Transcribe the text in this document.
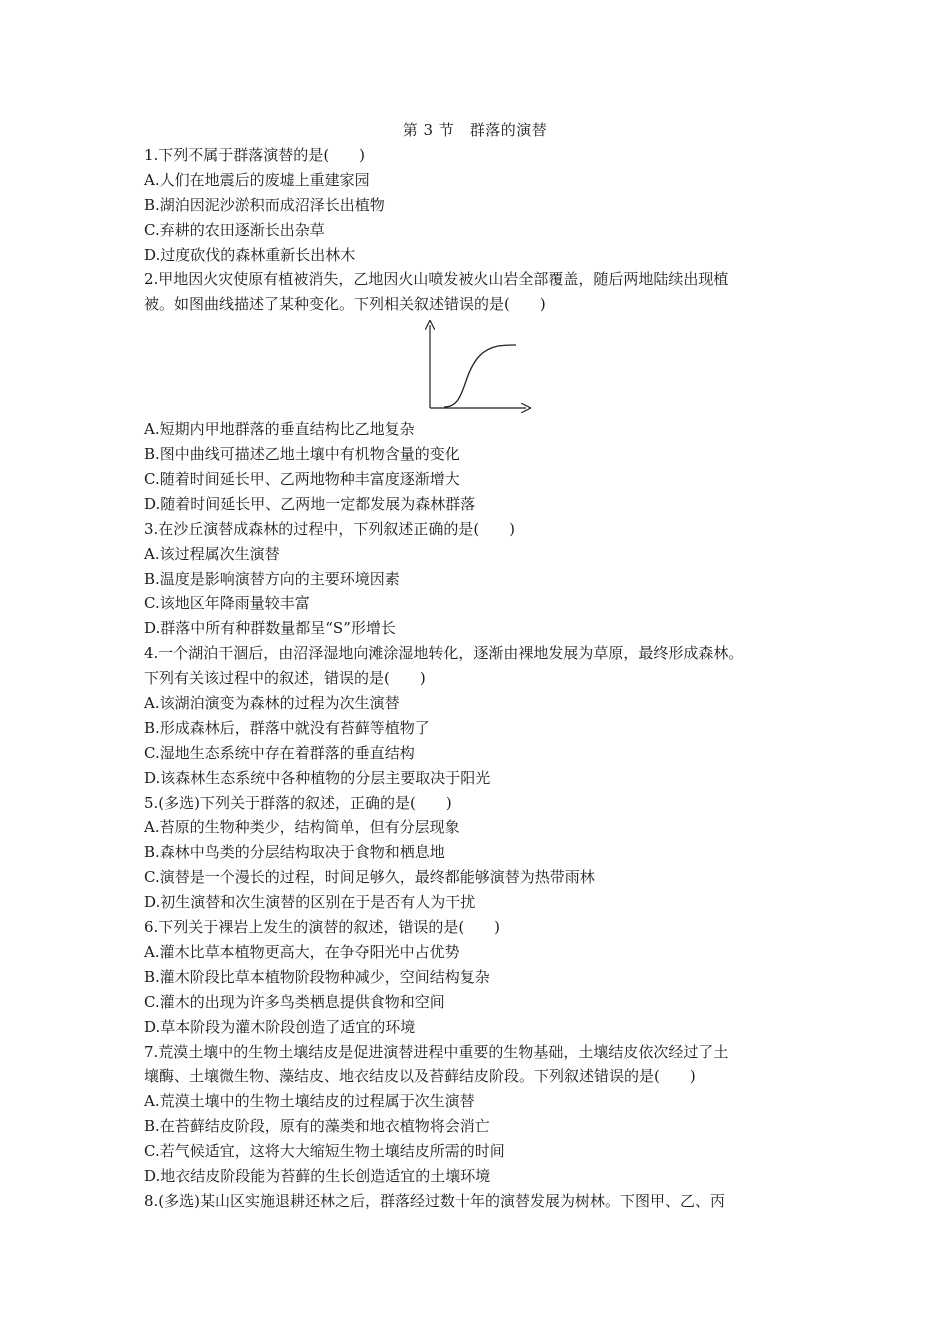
第 3 节　群落的演替
1.下列不属于群落演替的是(　　)
A.人们在地震后的废墟上重建家园
B.湖泊因泥沙淤积而成沼泽长出植物
C.弃耕的农田逐渐长出杂草
D.过度砍伐的森林重新长出林木
2.甲地因火灾使原有植被消失，乙地因火山喷发被火山岩全部覆盖，随后两地陆续出现植
被。如图曲线描述了某种变化。下列相关叙述错误的是(　　)
A.短期内甲地群落的垂直结构比乙地复杂
B.图中曲线可描述乙地土壤中有机物含量的变化
C.随着时间延长甲、乙两地物种丰富度逐渐增大
D.随着时间延长甲、乙两地一定都发展为森林群落
3.在沙丘演替成森林的过程中，下列叙述正确的是(　　)
A.该过程属次生演替
B.温度是影响演替方向的主要环境因素
C.该地区年降雨量较丰富
D.群落中所有种群数量都呈“S”形增长
4.一个湖泊干涸后，由沼泽湿地向滩涂湿地转化，逐渐由裸地发展为草原，最终形成森林。
下列有关该过程中的叙述，错误的是(　　)
A.该湖泊演变为森林的过程为次生演替
B.形成森林后，群落中就没有苔藓等植物了
C.湿地生态系统中存在着群落的垂直结构
D.该森林生态系统中各种植物的分层主要取决于阳光
5.(多选)下列关于群落的叙述，正确的是(　　)
A.苔原的生物种类少，结构简单，但有分层现象
B.森林中鸟类的分层结构取决于食物和栖息地
C.演替是一个漫长的过程，时间足够久，最终都能够演替为热带雨林
D.初生演替和次生演替的区别在于是否有人为干扰
6.下列关于裸岩上发生的演替的叙述，错误的是(　　)
A.灌木比草本植物更高大，在争夺阳光中占优势
B.灌木阶段比草本植物阶段物种减少，空间结构复杂
C.灌木的出现为许多鸟类栖息提供食物和空间
D.草本阶段为灌木阶段创造了适宜的环境
7.荒漠土壤中的生物土壤结皮是促进演替进程中重要的生物基础，土壤结皮依次经过了土
壤酶、土壤微生物、藻结皮、地衣结皮以及苔藓结皮阶段。下列叙述错误的是(　　)
A.荒漠土壤中的生物土壤结皮的过程属于次生演替
B.在苔藓结皮阶段，原有的藻类和地衣植物将会消亡
C.若气候适宜，这将大大缩短生物土壤结皮所需的时间
D.地衣结皮阶段能为苔藓的生长创造适宜的土壤环境
8.(多选)某山区实施退耕还林之后，群落经过数十年的演替发展为树林。下图甲、乙、丙
